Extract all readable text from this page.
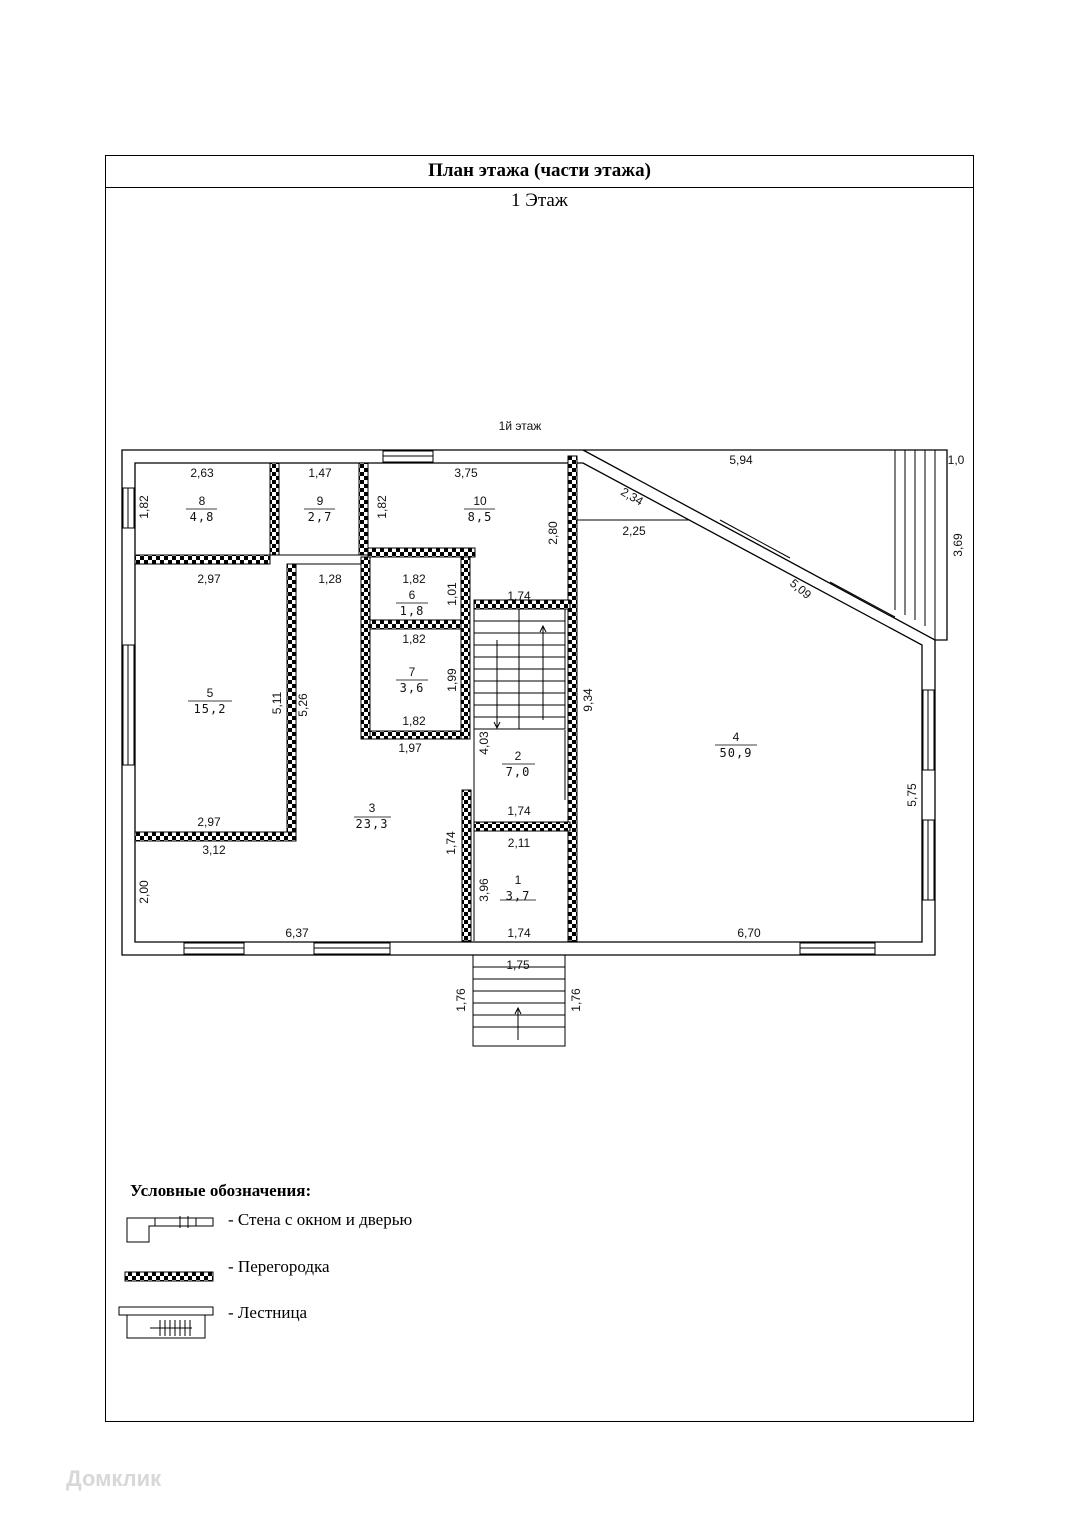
План этажа (части этажа)
1 Этаж
1й этаж
1
3,7
2
7,0
3
23,3
4
50,9
5
15,2
6
1,8
7
3,6
8
4,8
9
2,7
10
8,5
2,63	1,47	3,75
5,94	1,0
1,82	1,82
2,80
2,34
2,25
3,69
2,97	1,28	1,82
1,01	1,74	5,09
1,82
1,99
5,11 5,26	9,34
1,82
1,97	4,03
1,74
5,75
2,97
3,12	1,74
3,96
2,11
2,00
6,37	1,74	6,70
1,75
1,76	1,76
Условные обозначения:
- Стена с окном и дверью
- Перегородка
- Лестница
Домклик
